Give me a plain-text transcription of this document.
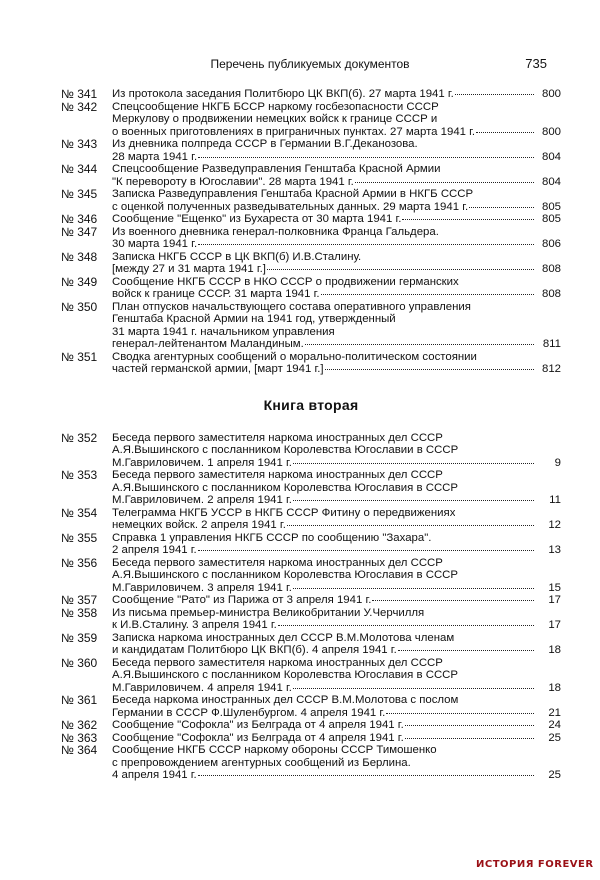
Перечень публикуемых документов	735
№ 341	Из протокола заседания Политбюро ЦК ВКП(б). 27 марта 1941 г.	800
№ 342	Спецсообщение НКГБ БССР наркому госбезопасности СССР
Меркулову о продвижении немецких войск к границе СССР и
о военных приготовлениях в приграничных пунктах. 27 марта 1941 г.	800
№ 343	Из дневника полпреда СССР в Германии В.Г.Деканозова.
28 марта 1941 г.	804
№ 344	Спецсообщение Разведуправления Генштаба Красной Армии
"К перевороту в Югославии". 28 марта 1941 г.	804
№ 345	Записка Разведуправления Генштаба Красной Армии в НКГБ СССР
с оценкой полученных разведывательных данных. 29 марта 1941 г.	805
№ 346	Сообщение "Ещенко" из Бухареста от 30 марта 1941 г.	805
№ 347	Из военного дневника генерал-полковника Франца Гальдера.
30 марта 1941 г.	806
№ 348	Записка НКГБ СССР в ЦК ВКП(б) И.В.Сталину.
[между 27 и 31 марта 1941 г.]	808
№ 349	Сообщение НКГБ СССР в НКО СССР о продвижении германских
войск к границе СССР. 31 марта 1941 г.	808
№ 350	План отпусков начальствующего состава оперативного управления
Генштаба Красной Армии на 1941 год, утвержденный
31 марта 1941 г. начальником управления
генерал-лейтенантом Маландиным.	811
№ 351	Сводка агентурных сообщений о морально-политическом состоянии
частей германской армии, [март 1941 г.]	812
Книга вторая
№ 352	Беседа первого заместителя наркома иностранных дел СССР
А.Я.Вышинского с посланником Королевства Югославии в СССР
М.Гавриловичем. 1 апреля 1941 г.	9
№ 353	Беседа первого заместителя наркома иностранных дел СССР
А.Я.Вышинского с посланником Королевства Югославия в СССР
М.Гавриловичем. 2 апреля 1941 г.	11
№ 354	Телеграмма НКГБ УССР в НКГБ СССР Фитину о передвижениях
немецких войск. 2 апреля 1941 г.	12
№ 355	Справка 1 управления НКГБ СССР по сообщению "Захара".
2 апреля 1941 г.	13
№ 356	Беседа первого заместителя наркома иностранных дел СССР
А.Я.Вышинского с посланником Королевства Югославия в СССР
М.Гавриловичем. 3 апреля 1941 г.	15
№ 357	Сообщение "Рато" из Парижа от 3 апреля 1941 г.	17
№ 358	Из письма премьер-министра Великобритании У.Черчилля
к И.В.Сталину. 3 апреля 1941 г.	17
№ 359	Записка наркома иностранных дел СССР В.М.Молотова членам
и кандидатам Политбюро ЦК ВКП(б). 4 апреля 1941 г.	18
№ 360	Беседа первого заместителя наркома иностранных дел СССР
А.Я.Вышинского с посланником Королевства Югославия в СССР
М.Гавриловичем. 4 апреля 1941 г.	18
№ 361	Беседа наркома иностранных дел СССР В.М.Молотова с послом
Германии в СССР Ф.Шуленбургом. 4 апреля 1941 г.	21
№ 362	Сообщение "Софокла" из Белграда от 4 апреля 1941 г.	24
№ 363	Сообщение "Софокла" из Белграда от 4 апреля 1941 г.	25
№ 364	Сообщение НКГБ СССР наркому обороны СССР Тимошенко
с препровождением агентурных сообщений из Берлина.
4 апреля 1941 г.	25
ИСТОРИЯ FOREVER
